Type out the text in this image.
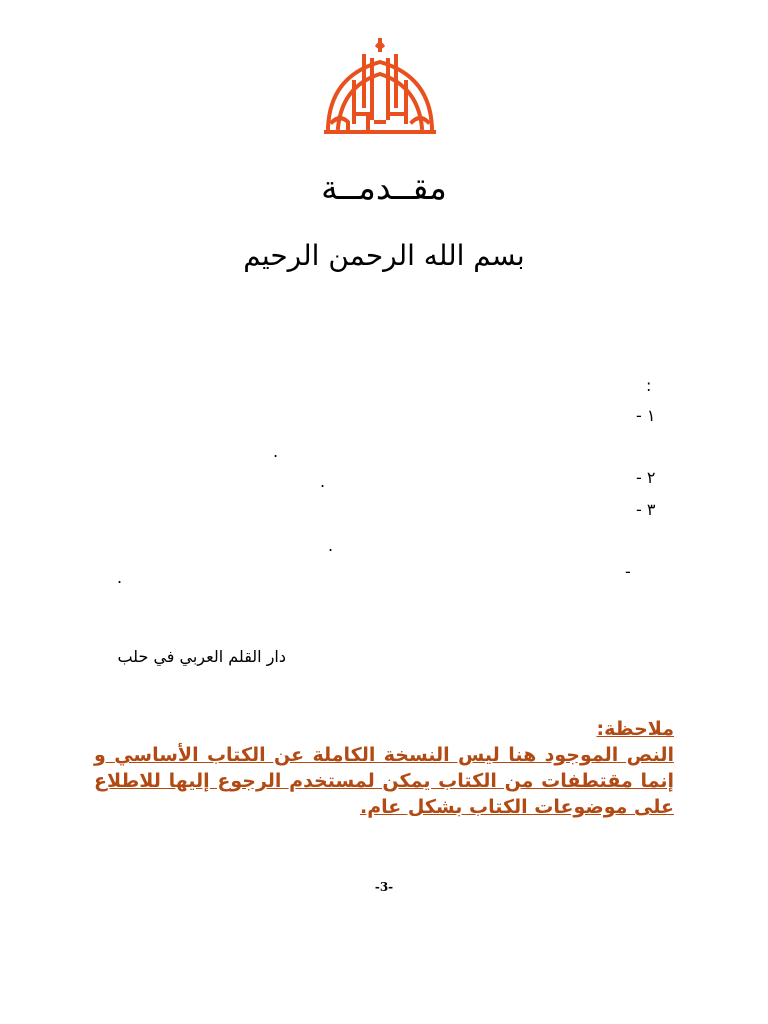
مقــدمــة
بسم الله الرحمن الرحيم
:
١ -
.
٢ -
.
٣ -
.
-
.
دار القلم العربي في حلب
ملاحظة:
النص الموجود هنا ليس النسخة الكاملة عن الكتاب الأساسي و إنما مقتطفات من الكتاب يمكن لمستخدم الرجوع إليها للاطلاع على موضوعات الكتاب بشكل عام.
-3-
